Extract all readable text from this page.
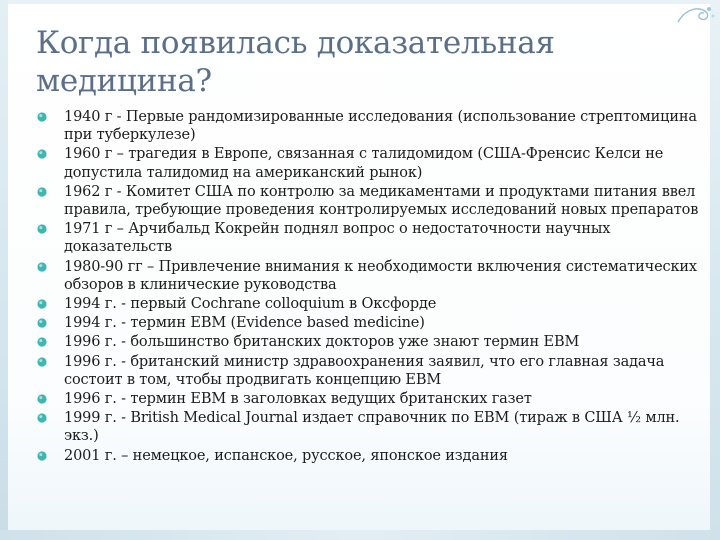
Когда появилась доказательная медицина?
1940 г - Первые рандомизированные исследования (использование стрептомицина при туберкулезе)
1960 г – трагедия в Европе, связанная с талидомидом (США-Френсис Келси не допустила талидомид на американский рынок)
1962 г - Комитет США по контролю за медикаментами и продуктами питания ввел правила, требующие проведения контролируемых исследований новых препаратов
1971 г – Арчибальд Кокрейн поднял вопрос о недостаточности научных доказательств
1980-90 гг – Привлечение внимания к необходимости включения систематических обзоров в клинические руководства
1994 г. - первый Cochrane colloquium в Оксфорде
1994 г. - термин EBM (Evidence based medicine)
1996 г. - большинство британских докторов уже знают термин EBM
1996 г. - британский министр здравоохранения заявил, что его главная задача состоит в том, чтобы продвигать концепцию EBM
1996 г. - термин EBM в заголовках ведущих британских газет
1999 г. - British Medical Journal издает справочник по EBM (тираж в США ½ млн. экз.)
2001 г. – немецкое, испанское, русское, японское издания
